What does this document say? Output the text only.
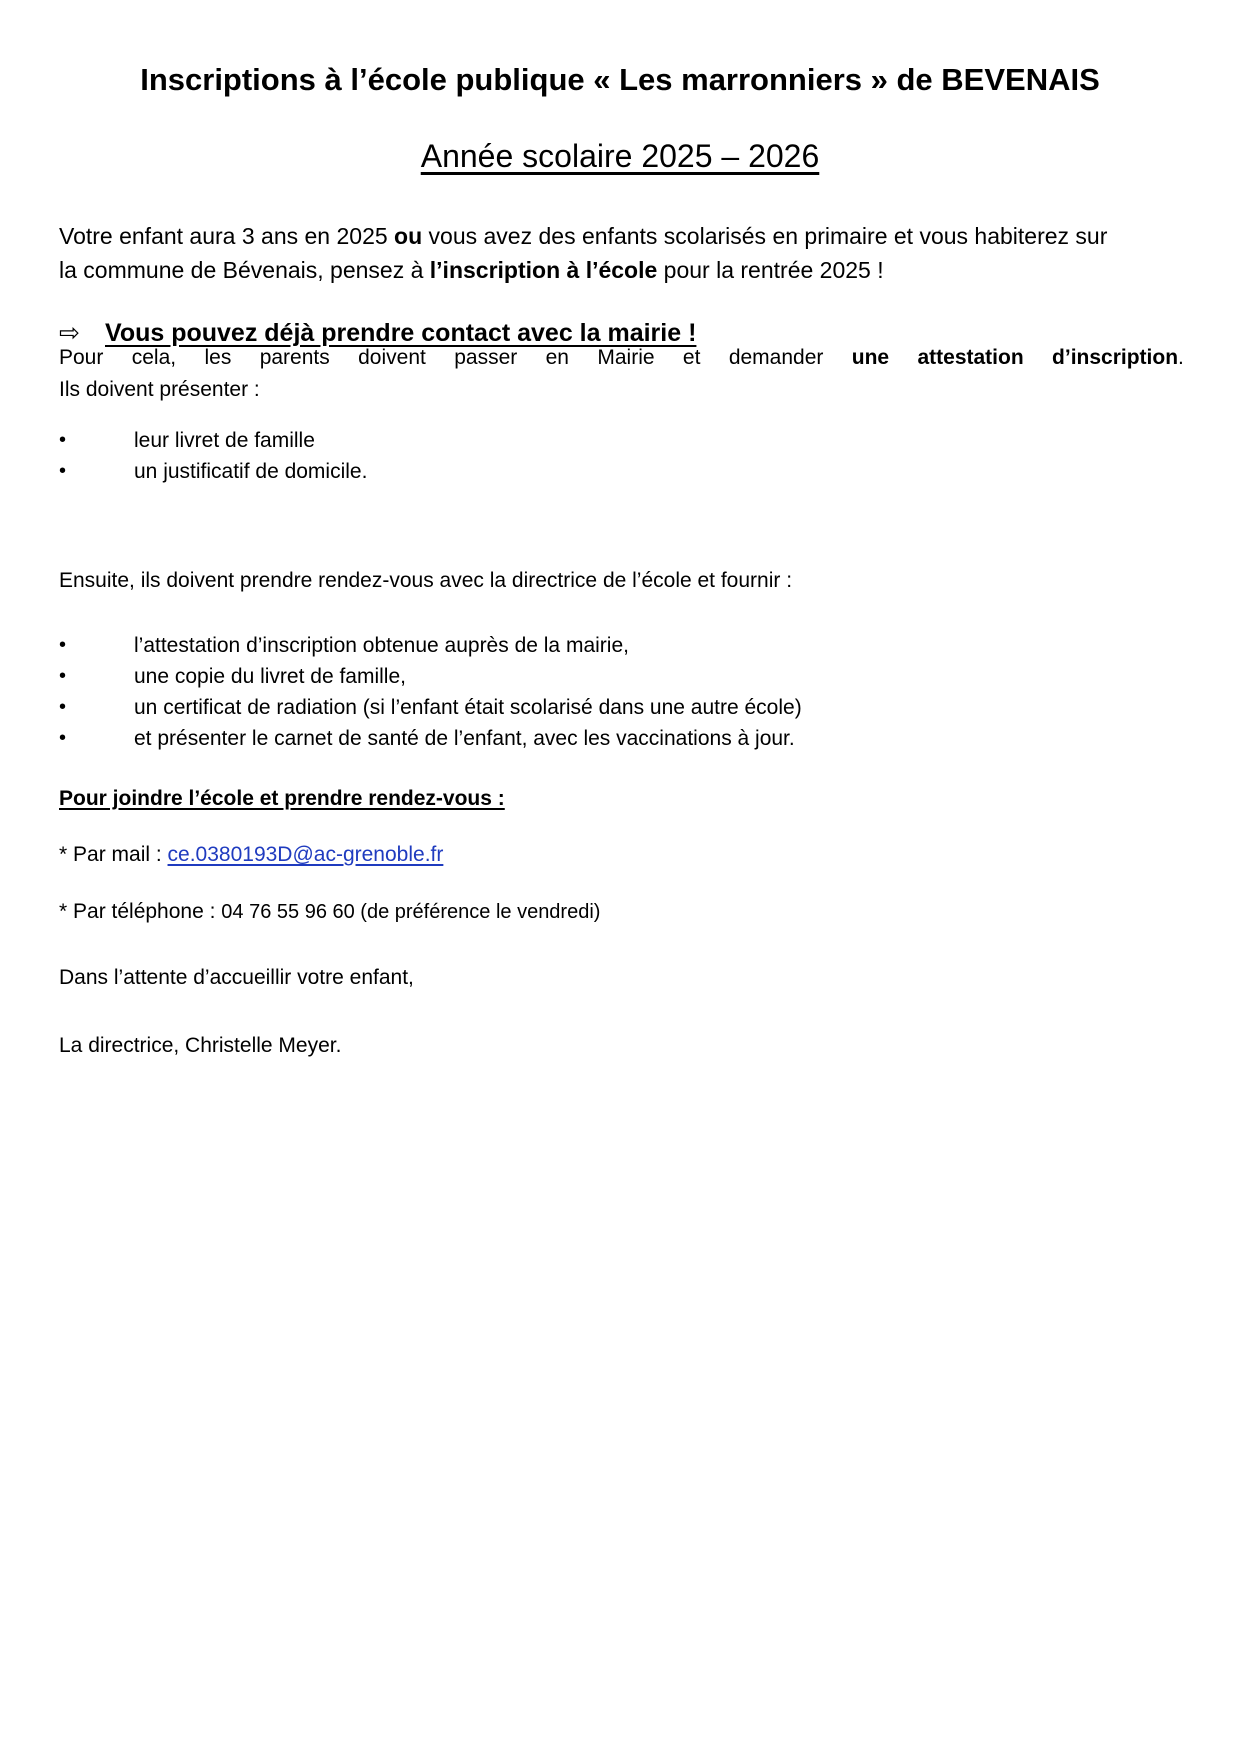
Inscriptions à l’école publique « Les marronniers » de BEVENAIS
Année scolaire 2025 – 2026
Votre enfant aura 3 ans en 2025 ou vous avez des enfants scolarisés en primaire et vous habiterez sur
la commune de Bévenais, pensez à l’inscription à l’école pour la rentrée 2025 !
⇨ Vous pouvez déjà prendre contact avec la mairie !
Pour cela, les parents doivent passer en Mairie et demander une attestation d’inscription.
Ils doivent présenter :
•	leur livret de famille
•	un justificatif de domicile.
Ensuite, ils doivent prendre rendez-vous avec la directrice de l’école et fournir :
•	l’attestation d’inscription obtenue auprès de la mairie,
•	une copie du livret de famille,
•	un certificat de radiation (si l’enfant était scolarisé dans une autre école)
•	et présenter le carnet de santé de l’enfant, avec les vaccinations à jour.
Pour joindre l’école et prendre rendez-vous :
* Par mail : ce.0380193D@ac-grenoble.fr
* Par téléphone : 04 76 55 96 60 (de préférence le vendredi)
Dans l’attente d’accueillir votre enfant,
La directrice, Christelle Meyer.
